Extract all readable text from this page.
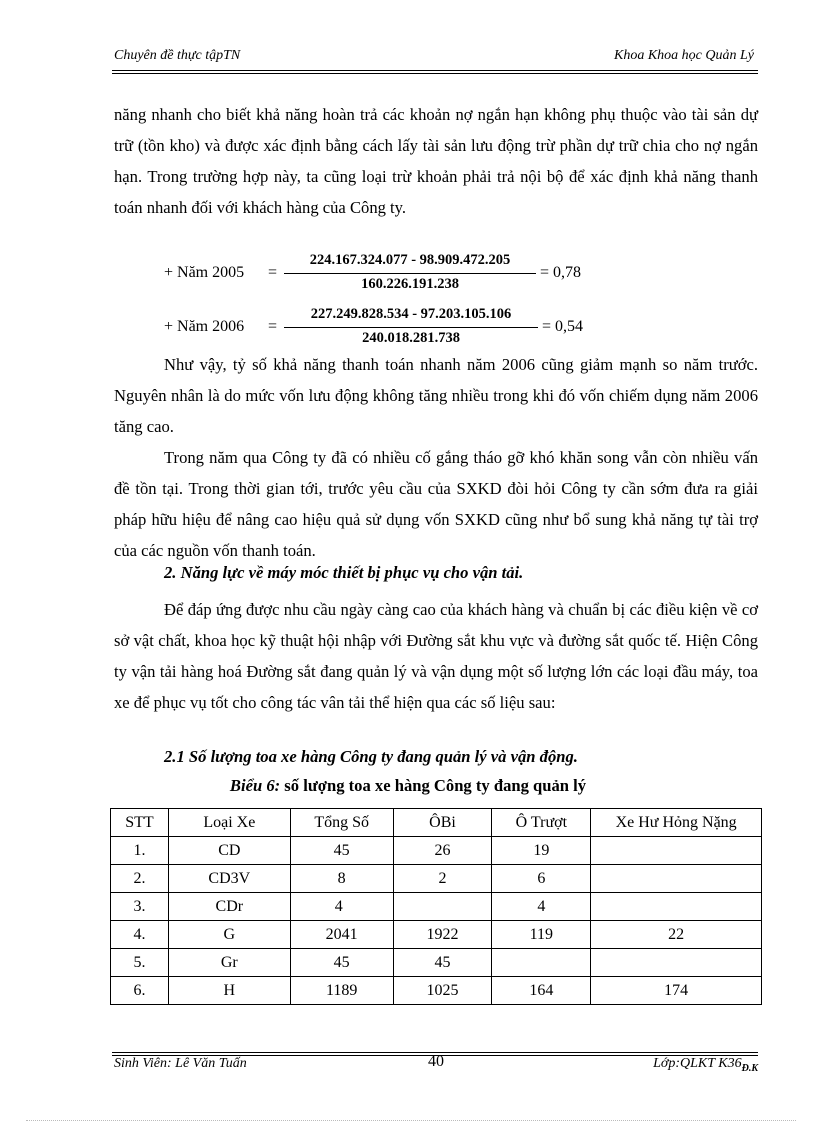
Chuyên đề thực tậpTN	Khoa Khoa học Quản Lý

năng nhanh cho biết khả năng hoàn trả các khoản nợ ngắn hạn không phụ thuộc vào tài sản dự trữ (tồn kho) và được xác định bằng cách lấy tài sản lưu động trừ phần dự trữ chia cho nợ ngắn hạn. Trong trường hợp này, ta cũng loại trừ khoản phải trả nội bộ để xác định khả năng thanh toán nhanh đối với khách hàng của Công ty.

+ Năm 2005 =
224.167.324.077 - 98.909.472.205
160.226.191.238
= 0,78
+ Năm 2006 =
227.249.828.534 - 97.203.105.106
240.018.281.738
= 0,54

Như vậy, tỷ số khả năng thanh toán nhanh năm 2006 cũng giảm mạnh so năm trước. Nguyên nhân là do mức vốn lưu động không tăng nhiều trong khi đó vốn chiếm dụng năm 2006 tăng cao.

Trong năm qua Công ty đã có nhiều cố gắng tháo gỡ khó khăn song vẫn còn nhiều vấn đề tồn tại. Trong thời gian tới, trước yêu cầu của SXKD đòi hỏi Công ty cần sớm đưa ra giải pháp hữu hiệu để nâng cao hiệu quả sử dụng vốn SXKD cũng như bổ sung khả năng tự tài trợ của các nguồn vốn thanh toán.

2. Năng lực về máy móc thiết bị phục vụ cho vận tải.

Để đáp ứng được nhu cầu ngày càng cao của khách hàng và chuẩn bị các điều kiện về cơ sở vật chất, khoa học kỹ thuật hội nhập với Đường sắt khu vực và đường sắt quốc tế. Hiện Công ty vận tải hàng hoá Đường sắt đang quản lý và vận dụng một số lượng lớn các loại đầu máy, toa xe để phục vụ tốt cho công tác vân tải thể hiện qua các số liệu sau:

2.1 Số lượng toa xe hàng Công ty đang quản lý và vận động.
Biểu 6: số lượng toa xe hàng Công ty đang quản lý
STT	Loại Xe	Tổng Số	ÔBi	Ô Trượt	Xe Hư Hỏng Nặng
1.	CD	45	26	19	
2.	CD3V	8	2	6	
3.	CDr	4		4	
4.	G	2041	1922	119	22
5.	Gr	45	45		
6.	H	1189	1025	164	174
Sinh Viên: Lê Văn Tuấn	40	Lớp:QLKT $K36_{Đ.K}$
